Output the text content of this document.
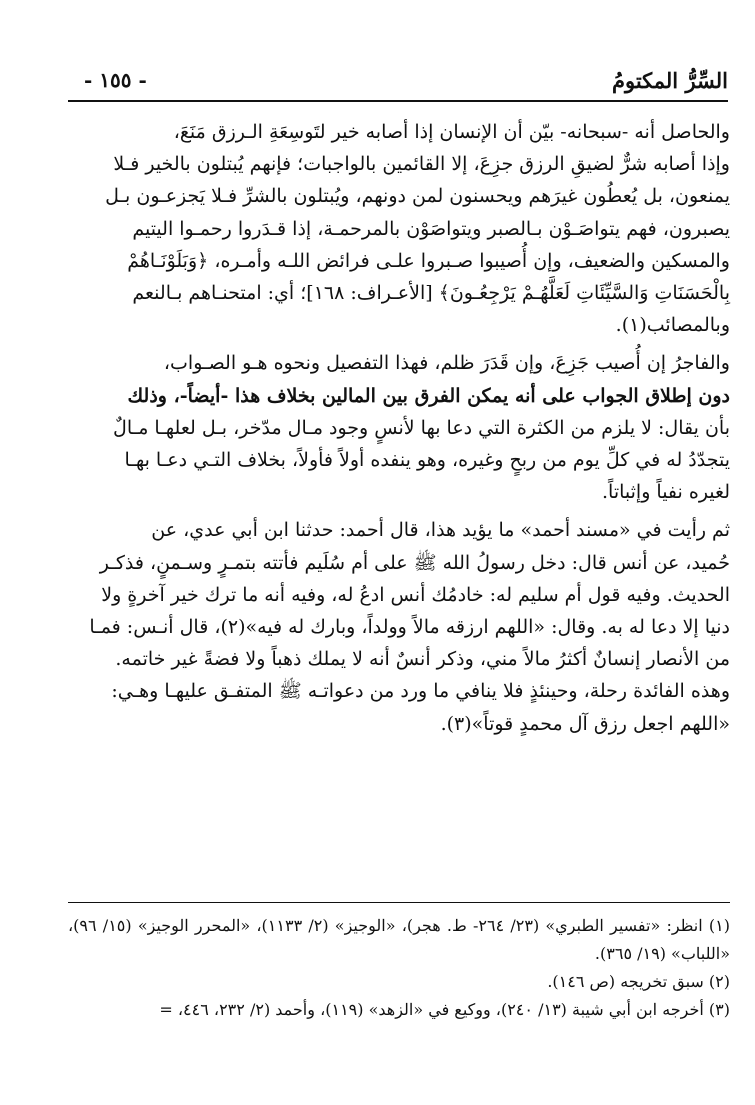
السِّرُّ المكتومُ
- ١٥٥ -

والحاصل أنه -سبحانه- بيّن أن الإنسان إذا أصابه خير لتَوسِعَةِ الـرزق مَنَعَ،
وإذا أصابه شرٌّ لضيقِ الرزق جزِعَ، إلا القائمين بالواجبات؛ فإنهم يُبتلون بالخير فـلا
يمنعون، بل يُعطُون غيرَهم ويحسنون لمن دونهم، ويُبتلون بالشرِّ فـلا يَجزعـون بـل
يصبرون، فهم يتواصَـوْن بـالصبر ويتواصَوْن بالمرحمـة، إذا قـدَروا رحمـوا اليتيم
والمسكين والضعيف، وإن أُصيبوا صـبروا علـى فرائض اللـه وأمـره، ﴿وَبَلَوْنَـاهُمْ
بِالْحَسَنَاتِ وَالسَّيِّئَاتِ لَعَلَّهُـمْ يَرْجِعُـونَ﴾ [الأعـراف: ١٦٨]؛ أي: امتحنـاهم بـالنعم
وبالمصائب(١).

والفاجرُ إن أُصيب جَزِعَ، وإن قَدَرَ ظلم، فهذا التفصيل ونحوه هـو الصـواب،
دون إطلاق الجواب على أنه يمكن الفرق بين المالين بخلاف هذا -أيضاً-، وذلك
بأن يقال: لا يلزم من الكثرة التي دعا بها لأنسٍ وجود مـال مدّخر، بـل لعلهـا مـالٌ
يتجدّدُ له في كلِّ يوم من ربحٍ وغيره، وهو ينفده أولاً فأولاً، بخلاف التـي دعـا بهـا
لغيره نفياً وإثباتاً.

ثم رأيت في «مسند أحمد» ما يؤيد هذا، قال أحمد: حدثنا ابن أبي عدي، عن
حُميد، عن أنس قال: دخل رسولُ الله ﷺ على أم سُلَيم فأتته بتمـرٍ وسـمنٍ، فذكـر
الحديث. وفيه قول أم سليم له: خادمُك أنس ادعُ له، وفيه أنه ما ترك خير آخرةٍ ولا
دنيا إلا دعا له به. وقال: «اللهم ارزقه مالاً وولداً، وبارك له فيه»(٢)، قال أنـس: فمـا
من الأنصار إنسانٌ أكثرُ مالاً مني، وذكر أنسٌ أنه لا يملك ذهباً ولا فضةً غير خاتمه.
وهذه الفائدة رحلة، وحينئذٍ فلا ينافي ما ورد من دعواتـه ﷺ المتفـق عليهـا وهـي:
«اللهم اجعل رزق آل محمدٍ قوتاً»(٣).

(١) انظر: «تفسير الطبري» (٢٣/ ٢٦٤- ط. هجر)، «الوجيز» (٢/ ١١٣٣)، «المحرر الوجيز» (١٥/ ٩٦)، «اللباب» (١٩/ ٣٦٥).

(٢) سبق تخريجه (ص ١٤٦).

(٣) أخرجه ابن أبي شيبة (١٣/ ٢٤٠)، ووكيع في «الزهد» (١١٩)، وأحمد (٢/ ٢٣٢، ٤٤٦، =
